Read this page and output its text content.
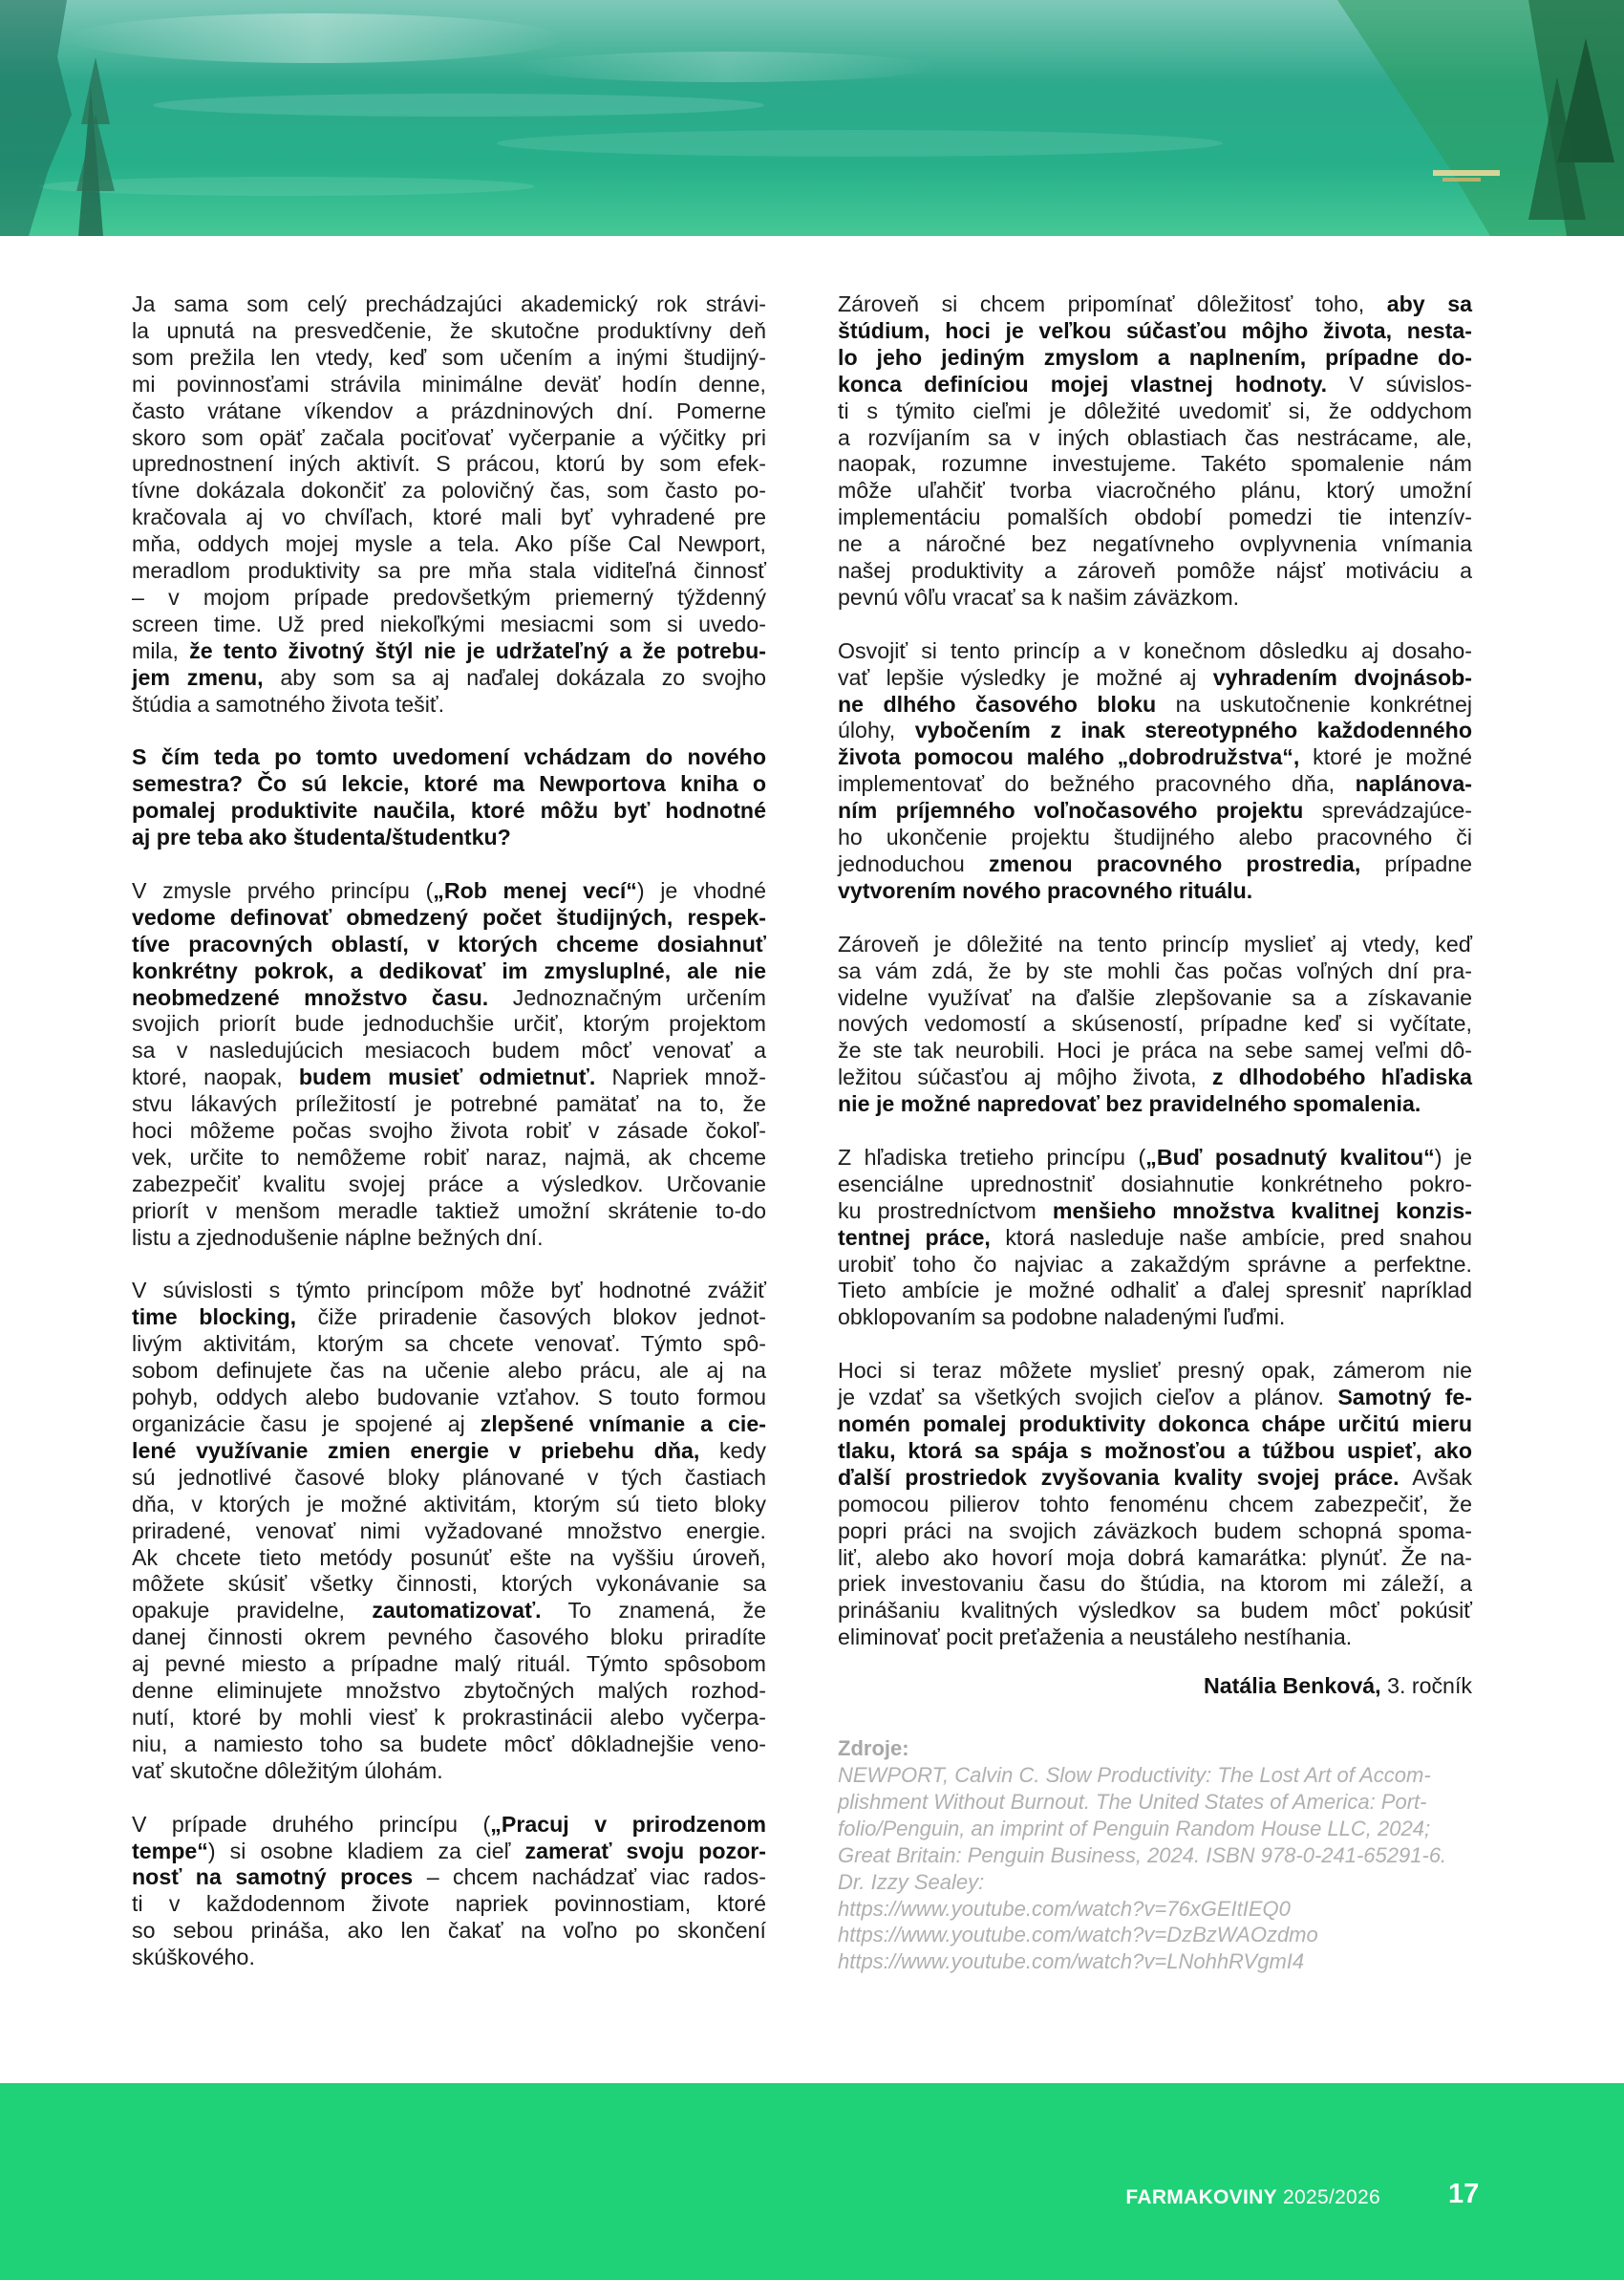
Ja sama som celý prechádzajúci akademický rok strávi-
la upnutá na presvedčenie, že skutočne produktívny deň
som prežila len vtedy, keď som učením a inými študijný-
mi povinnosťami strávila minimálne deväť hodín denne,
často vrátane víkendov a prázdninových dní. Pomerne
skoro som opäť začala pociťovať vyčerpanie a výčitky pri
uprednostnení iných aktivít. S prácou, ktorú by som efek-
tívne dokázala dokončiť za polovičný čas, som často po-
kračovala aj vo chvíľach, ktoré mali byť vyhradené pre
mňa, oddych mojej mysle a tela. Ako píše Cal Newport,
meradlom produktivity sa pre mňa stala viditeľná činnosť
– v mojom prípade predovšetkým priemerný týždenný
screen time. Už pred niekoľkými mesiacmi som si uvedo-
mila, že tento životný štýl nie je udržateľný a že potrebu-
jem zmenu, aby som sa aj naďalej dokázala zo svojho
štúdia a samotného života tešiť.

S čím teda po tomto uvedomení vchádzam do nového
semestra? Čo sú lekcie, ktoré ma Newportova kniha o
pomalej produktivite naučila, ktoré môžu byť hodnotné
aj pre teba ako študenta/študentku?

V zmysle prvého princípu („Rob menej vecí“) je vhodné
vedome definovať obmedzený počet študijných, respek-
tíve pracovných oblastí, v ktorých chceme dosiahnuť
konkrétny pokrok, a dedikovať im zmysluplné, ale nie
neobmedzené množstvo času. Jednoznačným určením
svojich priorít bude jednoduchšie určiť, ktorým projektom
sa v nasledujúcich mesiacoch budem môcť venovať a
ktoré, naopak, budem musieť odmietnuť. Napriek množ-
stvu lákavých príležitostí je potrebné pamätať na to, že
hoci môžeme počas svojho života robiť v zásade čokoľ-
vek, určite to nemôžeme robiť naraz, najmä, ak chceme
zabezpečiť kvalitu svojej práce a výsledkov. Určovanie
priorít v menšom meradle taktiež umožní skrátenie to-do
listu a zjednodušenie náplne bežných dní.

V súvislosti s týmto princípom môže byť hodnotné zvážiť
time blocking, čiže priradenie časových blokov jednot-
livým aktivitám, ktorým sa chcete venovať. Týmto spô-
sobom definujete čas na učenie alebo prácu, ale aj na
pohyb, oddych alebo budovanie vzťahov. S touto formou
organizácie času je spojené aj zlepšené vnímanie a cie-
lené využívanie zmien energie v priebehu dňa, kedy
sú jednotlivé časové bloky plánované v tých častiach
dňa, v ktorých je možné aktivitám, ktorým sú tieto bloky
priradené, venovať nimi vyžadované množstvo energie.
Ak chcete tieto metódy posunúť ešte na vyššiu úroveň,
môžete skúsiť všetky činnosti, ktorých vykonávanie sa
opakuje pravidelne, zautomatizovať. To znamená, že
danej činnosti okrem pevného časového bloku priradíte
aj pevné miesto a prípadne malý rituál. Týmto spôsobom
denne eliminujete množstvo zbytočných malých rozhod-
nutí, ktoré by mohli viesť k prokrastinácii alebo vyčerpa-
niu, a namiesto toho sa budete môcť dôkladnejšie veno-
vať skutočne dôležitým úlohám.

V prípade druhého princípu („Pracuj v prirodzenom
tempe“) si osobne kladiem za cieľ zamerať svoju pozor-
nosť na samotný proces – chcem nachádzať viac rados-
ti v každodennom živote napriek povinnostiam, ktoré
so sebou prináša, ako len čakať na voľno po skončení
skúškového.

Zároveň si chcem pripomínať dôležitosť toho, aby sa
štúdium, hoci je veľkou súčasťou môjho života, nesta-
lo jeho jediným zmyslom a naplnením, prípadne do-
konca definíciou mojej vlastnej hodnoty. V súvislos-
ti s týmito cieľmi je dôležité uvedomiť si, že oddychom
a rozvíjaním sa v iných oblastiach čas nestrácame, ale,
naopak, rozumne investujeme. Takéto spomalenie nám
môže uľahčiť tvorba viacročného plánu, ktorý umožní
implementáciu pomalších období pomedzi tie intenzív-
ne a náročné bez negatívneho ovplyvnenia vnímania
našej produktivity a zároveň pomôže nájsť motiváciu a
pevnú vôľu vracať sa k našim záväzkom.

Osvojiť si tento princíp a v konečnom dôsledku aj dosaho-
vať lepšie výsledky je možné aj vyhradením dvojnásob-
ne dlhého časového bloku na uskutočnenie konkrétnej
úlohy, vybočením z inak stereotypného každodenného
života pomocou malého „dobrodružstva“, ktoré je možné
implementovať do bežného pracovného dňa, naplánova-
ním príjemného voľnočasového projektu sprevádzajúce-
ho ukončenie projektu študijného alebo pracovného či
jednoduchou zmenou pracovného prostredia, prípadne
vytvorením nového pracovného rituálu.

Zároveň je dôležité na tento princíp myslieť aj vtedy, keď
sa vám zdá, že by ste mohli čas počas voľných dní pra-
videlne využívať na ďalšie zlepšovanie sa a získavanie
nových vedomostí a skúseností, prípadne keď si vyčítate,
že ste tak neurobili. Hoci je práca na sebe samej veľmi dô-
ležitou súčasťou aj môjho života, z dlhodobého hľadiska
nie je možné napredovať bez pravidelného spomalenia.

Z hľadiska tretieho princípu („Buď posadnutý kvalitou“) je
esenciálne uprednostniť dosiahnutie konkrétneho pokro-
ku prostredníctvom menšieho množstva kvalitnej konzis-
tentnej práce, ktorá nasleduje naše ambície, pred snahou
urobiť toho čo najviac a zakaždým správne a perfektne.
Tieto ambície je možné odhaliť a ďalej spresniť napríklad
obklopovaním sa podobne naladenými ľuďmi.

Hoci si teraz môžete myslieť presný opak, zámerom nie
je vzdať sa všetkých svojich cieľov a plánov. Samotný fe-
nomén pomalej produktivity dokonca chápe určitú mieru
tlaku, ktorá sa spája s možnosťou a túžbou uspieť, ako
ďalší prostriedok zvyšovania kvality svojej práce. Avšak
pomocou pilierov tohto fenoménu chcem zabezpečiť, že
popri práci na svojich záväzkoch budem schopná spoma-
liť, alebo ako hovorí moja dobrá kamarátka: plynúť. Že na-
priek investovaniu času do štúdia, na ktorom mi záleží, a
prinášaniu kvalitných výsledkov sa budem môcť pokúsiť
eliminovať pocit preťaženia a neustáleho nestíhania.

Natália Benková, 3. ročník
Zdroje:
NEWPORT, Calvin C. Slow Productivity: The Lost Art of Accom-
plishment Without Burnout. The United States of America: Port-
folio/Penguin, an imprint of Penguin Random House LLC, 2024;
Great Britain: Penguin Business, 2024. ISBN 978-0-241-65291-6.
Dr. Izzy Sealey:
https://www.youtube.com/watch?v=76xGEItIEQ0
https://www.youtube.com/watch?v=DzBzWAOzdmo
https://www.youtube.com/watch?v=LNohhRVgmI4
FARMAKOVINY 2025/2026 17
